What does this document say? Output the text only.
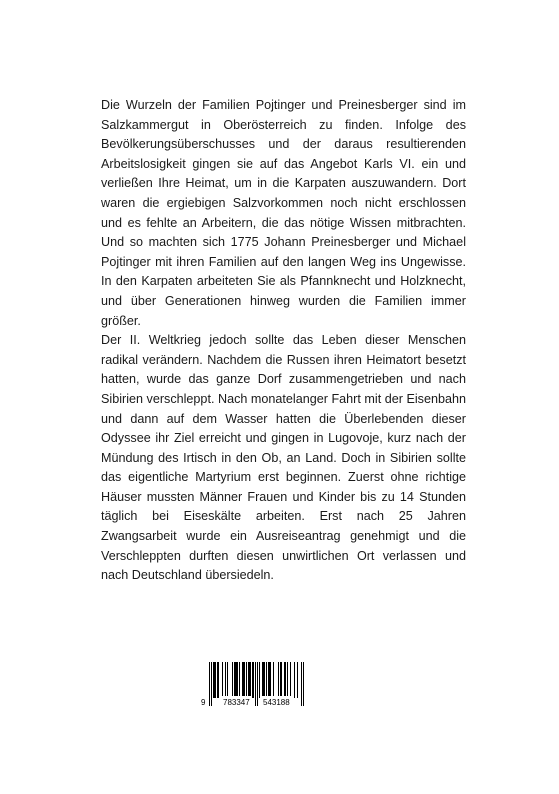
Die Wurzeln der Familien Pojtinger und Preinesberger sind im Salzkammergut in Oberösterreich zu finden. Infolge des Bevölkerungsüberschusses und der daraus resultierenden Arbeitslosigkeit gingen sie auf das Angebot Karls VI. ein und verließen Ihre Heimat, um in die Karpaten auszuwandern. Dort waren die ergiebigen Salzvorkommen noch nicht erschlossen und es fehlte an Arbeitern, die das nötige Wissen mitbrachten. Und so machten sich 1775 Johann Preinesberger und Michael Pojtinger mit ihren Familien auf den langen Weg ins Ungewisse. In den Karpaten arbeiteten Sie als Pfannknecht und Holzknecht, und über Generationen hinweg wurden die Familien immer größer.

Der II. Weltkrieg jedoch sollte das Leben dieser Menschen radikal verändern. Nachdem die Russen ihren Heimatort besetzt hatten, wurde das ganze Dorf zusammengetrieben und nach Sibirien verschleppt. Nach monatelanger Fahrt mit der Eisenbahn und dann auf dem Wasser hatten die Überlebenden dieser Odyssee ihr Ziel erreicht und gingen in Lugovoje, kurz nach der Mündung des Irtisch in den Ob, an Land. Doch in Sibirien sollte das eigentliche Martyrium erst beginnen. Zuerst ohne richtige Häuser mussten Männer Frauen und Kinder bis zu 14 Stunden täglich bei Eiseskälte arbeiten. Erst nach 25 Jahren Zwangsarbeit wurde ein Ausreiseantrag genehmigt und die Verschleppten durften diesen unwirtlichen Ort verlassen und nach Deutschland übersiedeln.

9 783347 543188
